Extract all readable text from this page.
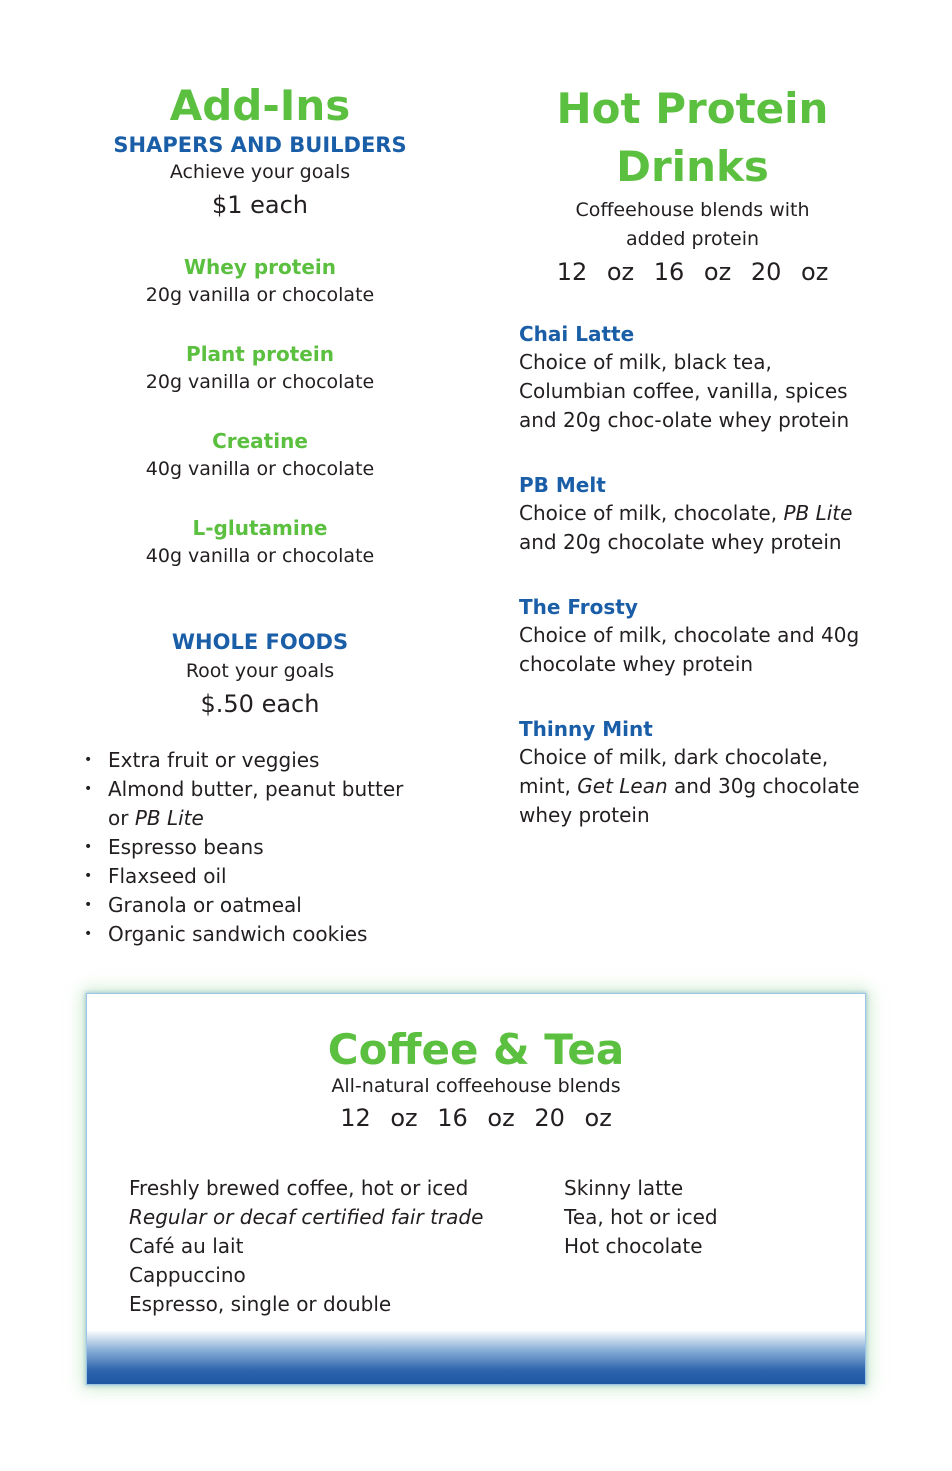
Add-Ins
SHAPERS AND BUILDERS
Achieve your goals
$1 each
Whey protein
20g vanilla or chocolate
Plant protein
20g vanilla or chocolate
Creatine
40g vanilla or chocolate
L-glutamine
40g vanilla or chocolate
WHOLE FOODS
Root your goals
$.50 each
• Extra fruit or veggies
• Almond butter, peanut butter
or PB Lite
• Espresso beans
• Flaxseed oil
• Granola or oatmeal
• Organic sandwich cookies
Hot Protein
Drinks
Coffeehouse blends with
added protein
12 oz 16 oz 20 oz
Chai Latte
Choice of milk, black tea, Columbian coffee, vanilla, spices and 20g choc-olate whey protein
PB Melt
Choice of milk, chocolate, PB Lite and 20g chocolate whey protein
The Frosty
Choice of milk, chocolate and 40g chocolate whey protein
Thinny Mint
Choice of milk, dark chocolate, mint, Get Lean and 30g chocolate whey protein
Coffee & Tea
All-natural coffeehouse blends
12 oz 16 oz 20 oz
Freshly brewed coffee, hot or iced
Regular or decaf certified fair trade
Café au lait
Cappuccino
Espresso, single or double
Skinny latte
Tea, hot or iced
Hot chocolate
